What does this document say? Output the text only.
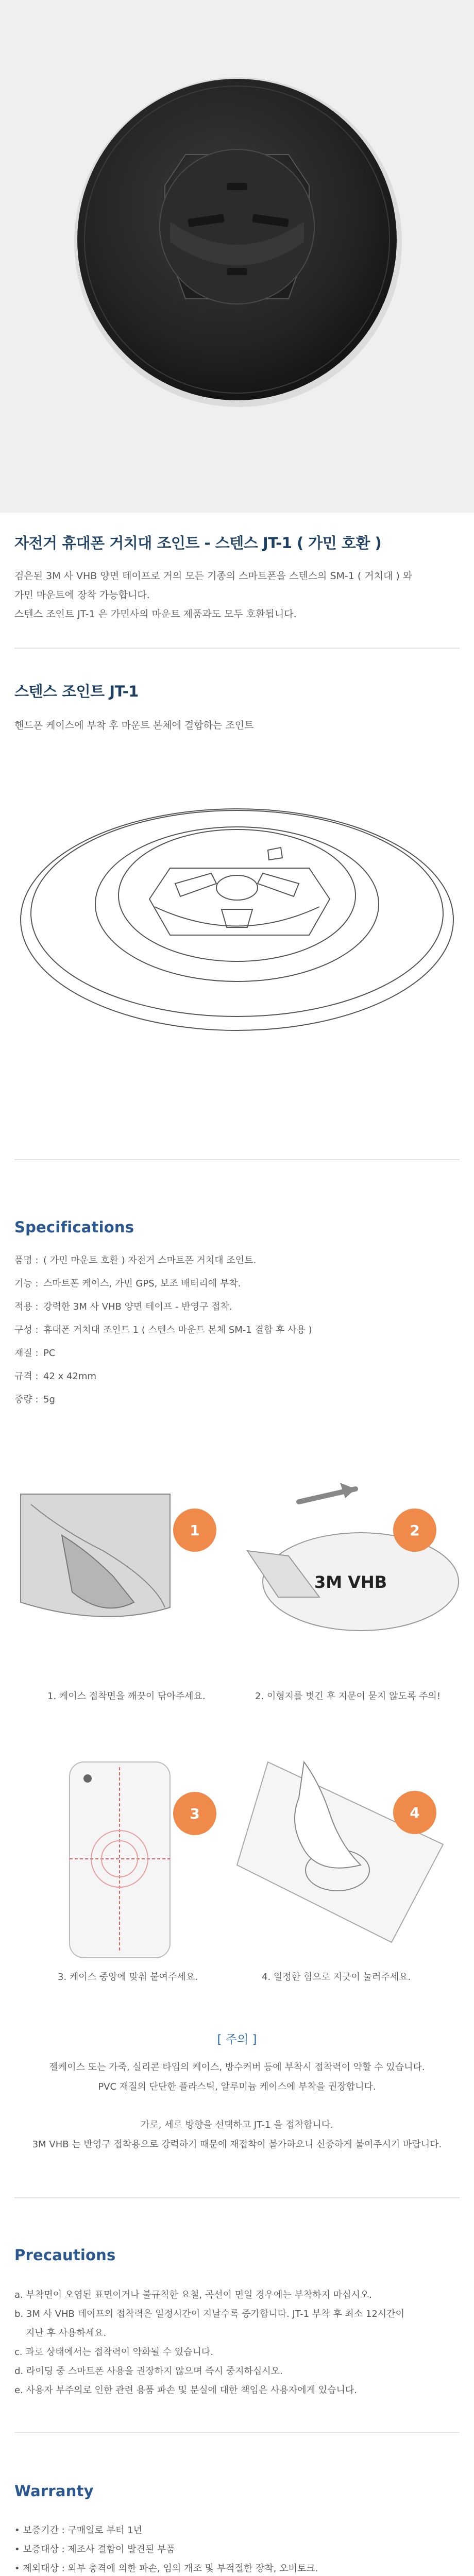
자전거 휴대폰 거치대 조인트 - 스텐스 JT-1 ( 가민 호환 )

검은된 3M 사 VHB 양면 테이프로 거의 모든 기종의 스마트폰을 스텐스의 SM-1 ( 거치대 ) 와

가민 마운트에 장착 가능합니다.

스텐스 조인트 JT-1 은 가민사의 마운트 제품과도 모두 호환됩니다.

스텐스 조인트 JT-1
핸드폰 케이스에 부착 후 마운트 본체에 결합하는 조인트
Specifications
품명 : ( 가민 마운트 호환 ) 자전거 스마트폰 거치대 조인트.
기능 : 스마트폰 케이스, 가민 GPS, 보조 배터리에 부착.
적용 : 강력한 3M 사 VHB 양면 테이프 - 반영구 접착.
구성 : 휴대폰 거치대 조인트 1 ( 스텐스 마운트 본체 SM-1 결합 후 사용 )
재질 : PC
규격 : 42 x 42mm
중량 : 5g
3M VHB
1	2
3	4
1. 케이스 접착면을 깨끗이 닦아주세요.	2. 이형지를 벗긴 후 지문이 묻지 않도록 주의!
3. 케이스 중앙에 맞춰 붙여주세요.	4. 일정한 힘으로 지긋이 눌러주세요.
[ 주의 ]
젤케이스 또는 가죽, 실리콘 타입의 케이스, 방수커버 등에 부착시 접착력이 약할 수 있습니다.
PVC 재질의 단단한 플라스틱, 알루미늄 케이스에 부착을 권장합니다.
가로, 세로 방향을 선택하고 JT-1 을 접착합니다.
3M VHB 는 반영구 접착용으로 강력하기 때문에 재접착이 불가하오니 신중하게 붙여주시기 바랍니다.
Precautions
a. 부착면이 오염된 표면이거나 불규칙한 요철, 곡선이 면일 경우에는 부착하지 마십시오.
b. 3M 사 VHB 테이프의 접착력은 일정시간이 지날수록 증가합니다. JT-1 부착 후 최소 12시간이
지난 후 사용하세요.
c. 과로 상태에서는 접착력이 약화될 수 있습니다.
d. 라이딩 중 스마트폰 사용을 권장하지 않으며 즉시 중지하십시오.
e. 사용자 부주의로 인한 관련 용품 파손 및 분실에 대한 책임은 사용자에게 있습니다.
Warranty
• 보증기간 : 구매일로 부터 1년
• 보증대상 : 제조사 결함이 발견된 부품
• 제외대상 : 외부 충격에 의한 파손, 임의 개조 및 부적절한 장착, 오버토크.
